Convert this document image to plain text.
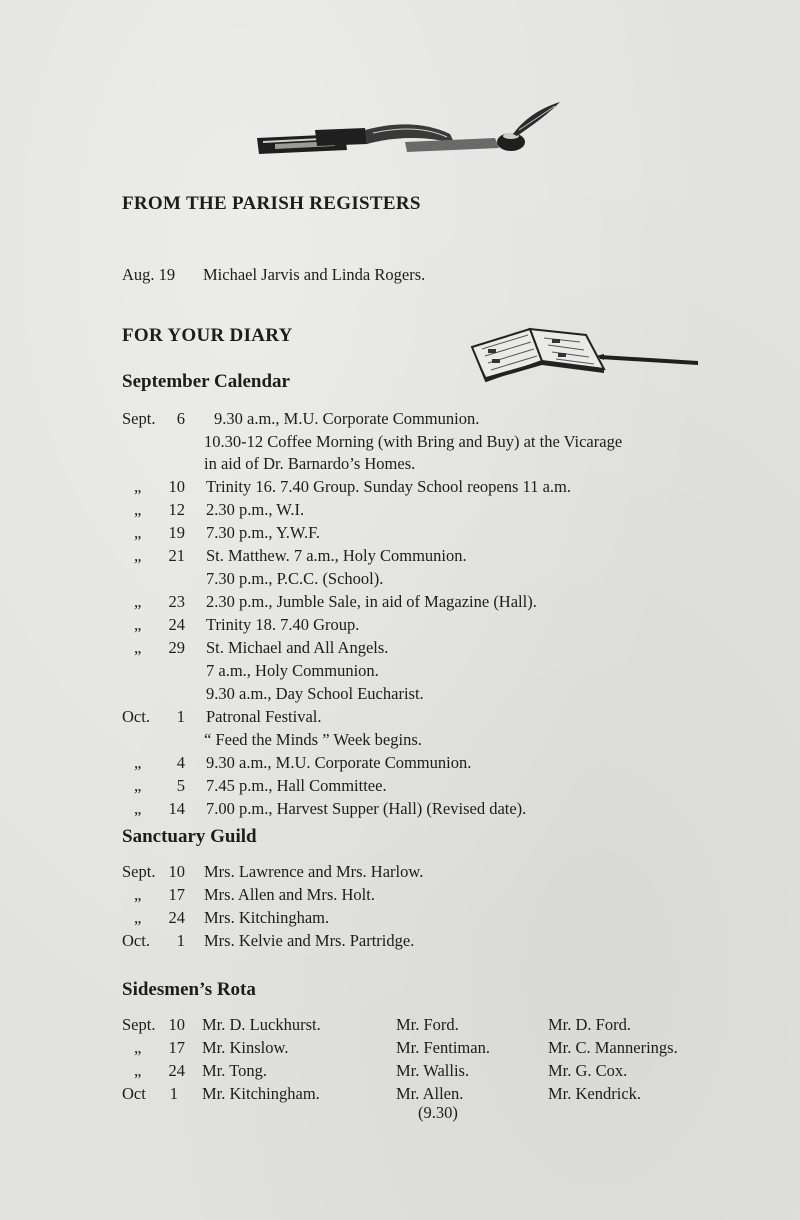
FROM THE PARISH REGISTERS
Aug. 19 Michael Jarvis and Linda Rogers.
FOR YOUR DIARY
September Calendar
Sept.	6 9.30 a.m., M.U. Corporate Communion.
10.30-12 Coffee Morning (with Bring and Buy) at the Vicarage
in aid of Dr. Barnardo’s Homes.
„	10 Trinity 16. 7.40 Group. Sunday School reopens 11 a.m.
„	12 2.30 p.m., W.I.
„	19 7.30 p.m., Y.W.F.
„	21 St. Matthew. 7 a.m., Holy Communion.
7.30 p.m., P.C.C. (School).
„	23 2.30 p.m., Jumble Sale, in aid of Magazine (Hall).
„	24 Trinity 18. 7.40 Group.
„	29 St. Michael and All Angels.
7 a.m., Holy Communion.
9.30 a.m., Day School Eucharist.
Oct.	1 Patronal Festival.
“ Feed the Minds ” Week begins.
„	4 9.30 a.m., M.U. Corporate Communion.
„	5 7.45 p.m., Hall Committee.
„	14 7.00 p.m., Harvest Supper (Hall) (Revised date).
Sanctuary Guild
Sept. 10 Mrs. Lawrence and Mrs. Harlow.
„	17 Mrs. Allen and Mrs. Holt.
„	24 Mrs. Kitchingham.
Oct.	1 Mrs. Kelvie and Mrs. Partridge.
Sidesmen’s Rota
Sept. 10 Mr. D. Luckhurst.	Mr. Ford.	Mr. D. Ford.
„	17 Mr. Kinslow.	Mr. Fentiman.	Mr. C. Mannerings.
„	24 Mr. Tong.	Mr. Wallis.	Mr. G. Cox.
Oct	1 Mr. Kitchingham.	Mr. Allen.	Mr. Kendrick.
(9.30)
